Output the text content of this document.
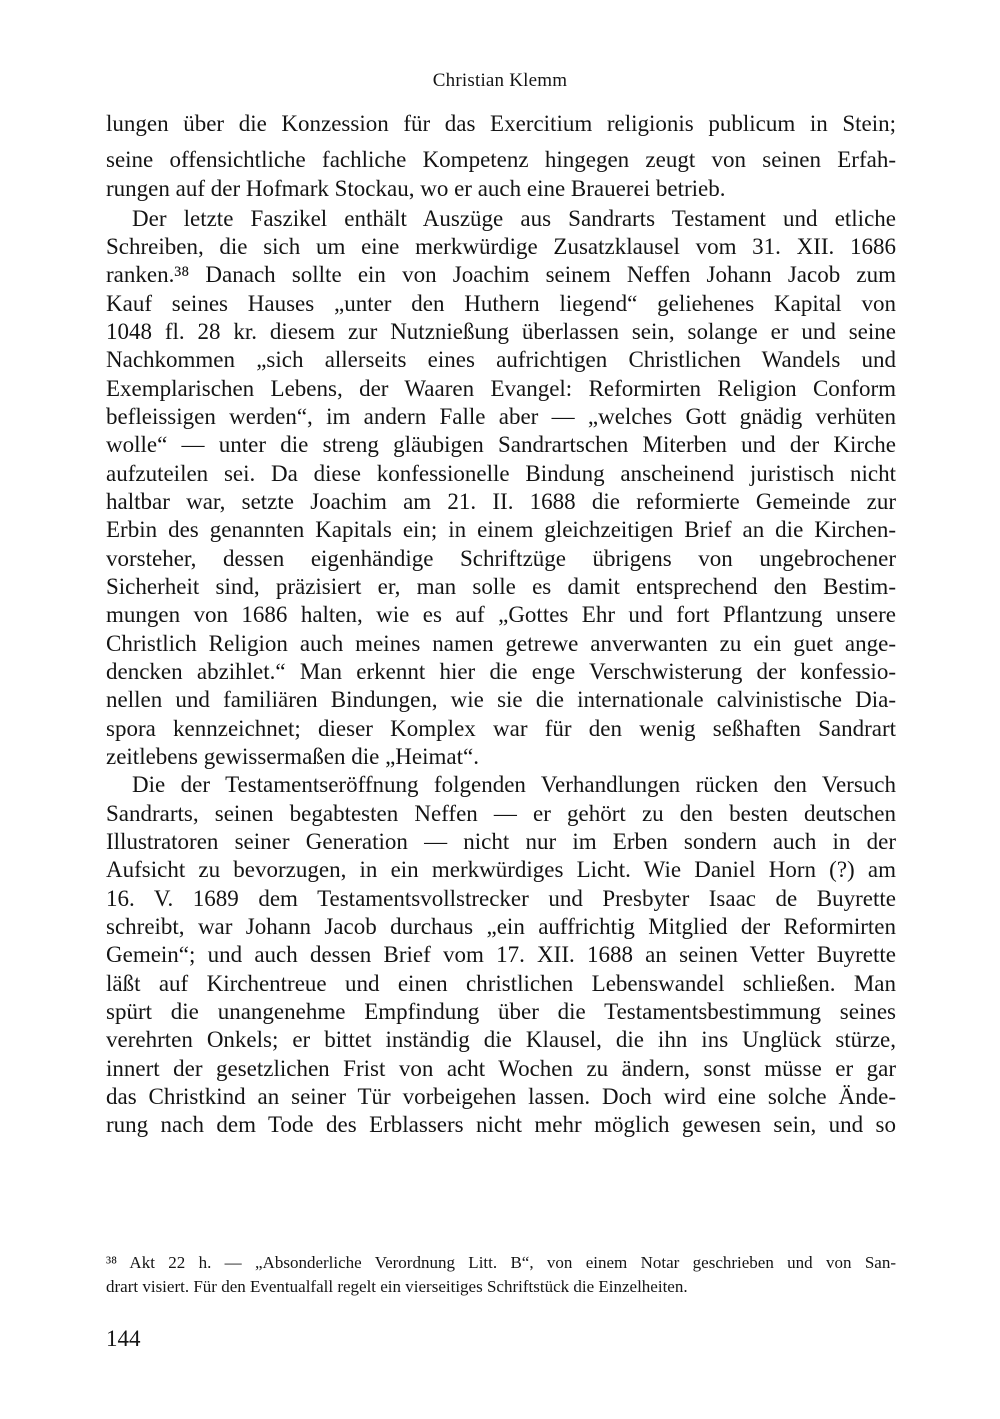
Christian Klemm
lungen über die Konzession für das Exercitium religionis publicum in Stein;
seine offensichtliche fachliche Kompetenz hingegen zeugt von seinen Erfah-
rungen auf der Hofmark Stockau, wo er auch eine Brauerei betrieb.
Der letzte Faszikel enthält Auszüge aus Sandrarts Testament und etliche
Schreiben, die sich um eine merkwürdige Zusatzklausel vom 31. XII. 1686
ranken.³⁸ Danach sollte ein von Joachim seinem Neffen Johann Jacob zum
Kauf seines Hauses „unter den Huthern liegend“ geliehenes Kapital von
1048 fl. 28 kr. diesem zur Nutznießung überlassen sein, solange er und seine
Nachkommen „sich allerseits eines aufrichtigen Christlichen Wandels und
Exemplarischen Lebens, der Waaren Evangel: Reformirten Religion Conform
befleissigen werden“, im andern Falle aber — „welches Gott gnädig verhüten
wolle“ — unter die streng gläubigen Sandrartschen Miterben und der Kirche
aufzuteilen sei. Da diese konfessionelle Bindung anscheinend juristisch nicht
haltbar war, setzte Joachim am 21. II. 1688 die reformierte Gemeinde zur
Erbin des genannten Kapitals ein; in einem gleichzeitigen Brief an die Kirchen-
vorsteher, dessen eigenhändige Schriftzüge übrigens von ungebrochener
Sicherheit sind, präzisiert er, man solle es damit entsprechend den Bestim-
mungen von 1686 halten, wie es auf „Gottes Ehr und fort Pflantzung unsere
Christlich Religion auch meines namen getrewe anverwanten zu ein guet ange-
dencken abzihlet.“ Man erkennt hier die enge Verschwisterung der konfessio-
nellen und familiären Bindungen, wie sie die internationale calvinistische Dia-
spora kennzeichnet; dieser Komplex war für den wenig seßhaften Sandrart
zeitlebens gewissermaßen die „Heimat“.
Die der Testamentseröffnung folgenden Verhandlungen rücken den Versuch
Sandrarts, seinen begabtesten Neffen — er gehört zu den besten deutschen
Illustratoren seiner Generation — nicht nur im Erben sondern auch in der
Aufsicht zu bevorzugen, in ein merkwürdiges Licht. Wie Daniel Horn (?) am
16. V. 1689 dem Testamentsvollstrecker und Presbyter Isaac de Buyrette
schreibt, war Johann Jacob durchaus „ein auffrichtig Mitglied der Reformirten
Gemein“; und auch dessen Brief vom 17. XII. 1688 an seinen Vetter Buyrette
läßt auf Kirchentreue und einen christlichen Lebenswandel schließen. Man
spürt die unangenehme Empfindung über die Testamentsbestimmung seines
verehrten Onkels; er bittet inständig die Klausel, die ihn ins Unglück stürze,
innert der gesetzlichen Frist von acht Wochen zu ändern, sonst müsse er gar
das Christkind an seiner Tür vorbeigehen lassen. Doch wird eine solche Ände-
rung nach dem Tode des Erblassers nicht mehr möglich gewesen sein, und so
³⁸ Akt 22 h. — „Absonderliche Verordnung Litt. B“, von einem Notar geschrieben und von San-
drart visiert. Für den Eventualfall regelt ein vierseitiges Schriftstück die Einzelheiten.
144
